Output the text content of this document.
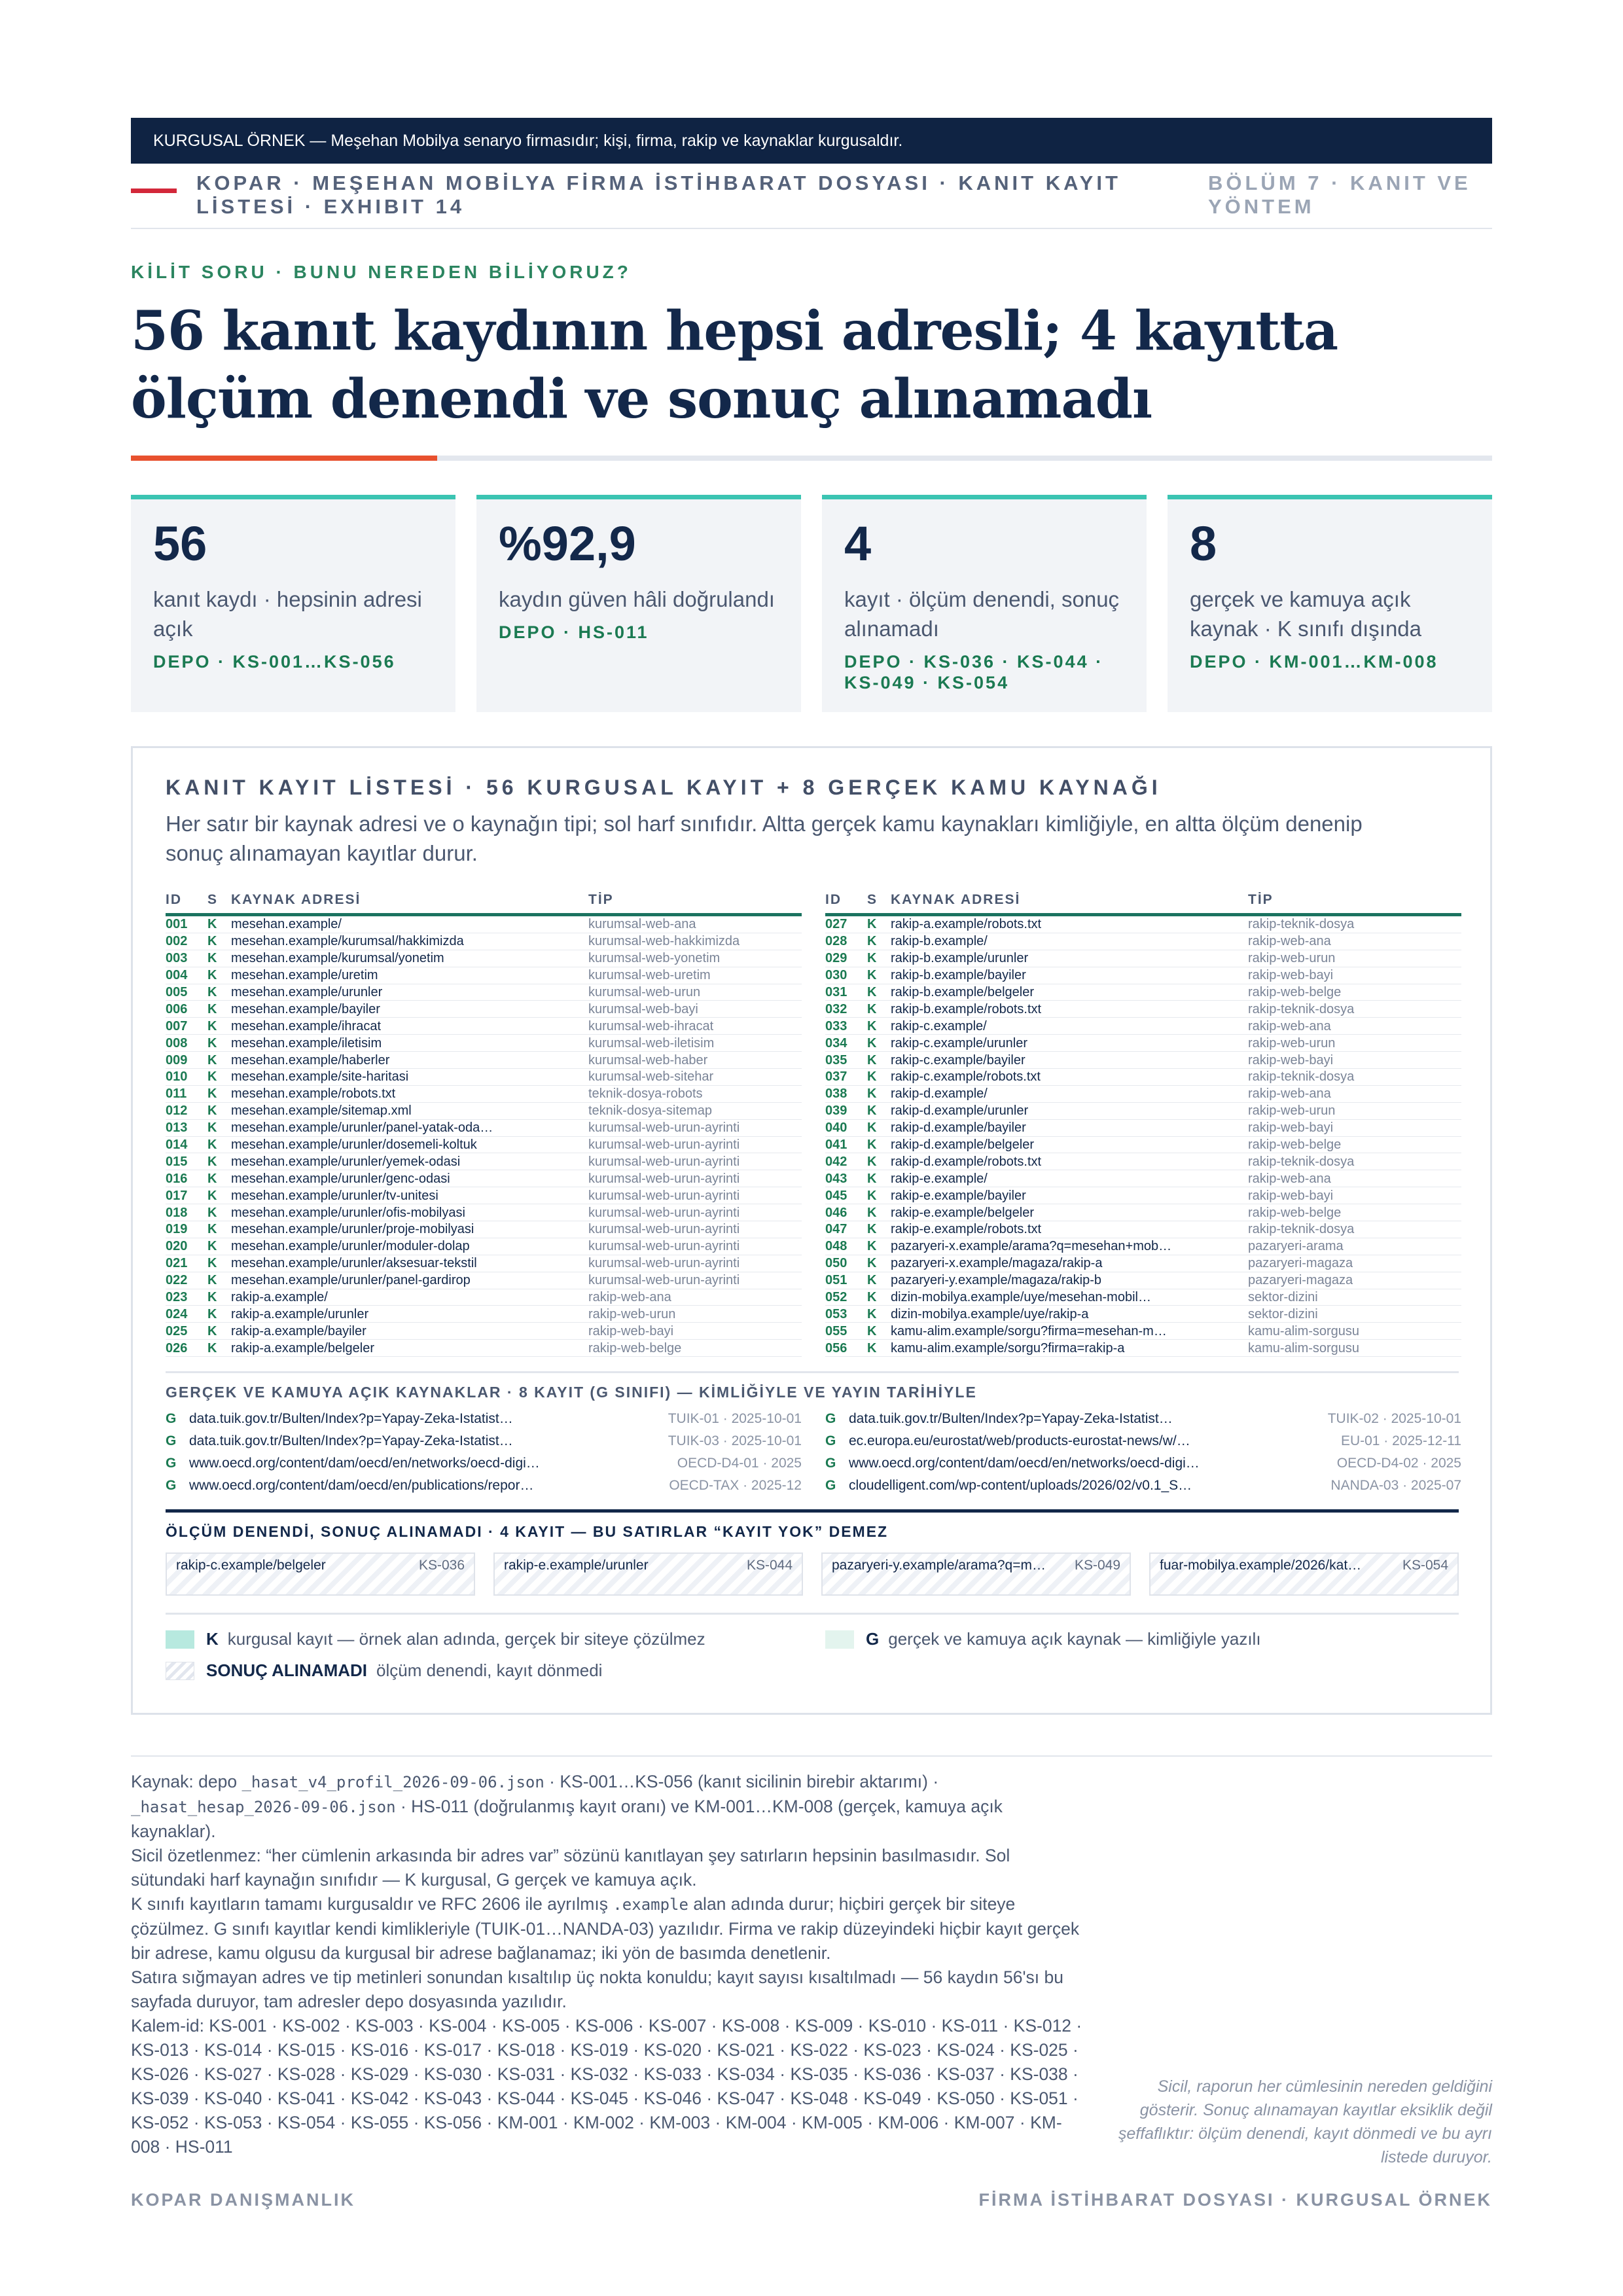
KURGUSAL ÖRNEK — Meşehan Mobilya senaryo firmasıdır; kişi, firma, rakip ve kaynaklar kurgusaldır.
KOPAR · MEŞEHAN MOBİLYA FİRMA İSTİHBARAT DOSYASI · KANIT KAYIT LİSTESİ · EXHIBIT 14
BÖLÜM 7 · KANIT VE YÖNTEM
KİLİT SORU · BUNU NEREDEN BİLİYORUZ?
56 kanıt kaydının hepsi adresli; 4 kayıtta ölçüm denendi ve sonuç alınamadı
56
kanıt kaydı · hepsinin adresi açık
DEPO · KS-001…KS-056
%92,9
kaydın güven hâli doğrulandı
DEPO · HS-011
4
kayıt · ölçüm denendi, sonuç alınamadı
DEPO · KS-036 · KS-044 · KS-049 · KS-054
8
gerçek ve kamuya açık kaynak · K sınıfı dışında
DEPO · KM-001…KM-008
KANIT KAYIT LİSTESİ · 56 KURGUSAL KAYIT + 8 GERÇEK KAMU KAYNAĞI
Her satır bir kaynak adresi ve o kaynağın tipi; sol harf sınıfıdır. Altta gerçek kamu kaynakları kimliğiyle, en altta ölçüm denenip sonuç alınamayan kayıtlar durur.
ID	S KAYNAK ADRESİ	TİP
001	K	mesehan.example/	kurumsal-web-ana
002	K	mesehan.example/kurumsal/hakkimizda	kurumsal-web-hakkimizda
003	K	mesehan.example/kurumsal/yonetim	kurumsal-web-yonetim
004	K	mesehan.example/uretim	kurumsal-web-uretim
005	K	mesehan.example/urunler	kurumsal-web-urun
006	K	mesehan.example/bayiler	kurumsal-web-bayi
007	K	mesehan.example/ihracat	kurumsal-web-ihracat
008	K	mesehan.example/iletisim	kurumsal-web-iletisim
009	K	mesehan.example/haberler	kurumsal-web-haber
010	K	mesehan.example/site-haritasi	kurumsal-web-sitehar
011	K	mesehan.example/robots.txt	teknik-dosya-robots
012	K	mesehan.example/sitemap.xml	teknik-dosya-sitemap
013	K	mesehan.example/urunler/panel-yatak-oda…	kurumsal-web-urun-ayrinti
014	K	mesehan.example/urunler/dosemeli-koltuk	kurumsal-web-urun-ayrinti
015	K	mesehan.example/urunler/yemek-odasi	kurumsal-web-urun-ayrinti
016	K	mesehan.example/urunler/genc-odasi	kurumsal-web-urun-ayrinti
017	K	mesehan.example/urunler/tv-unitesi	kurumsal-web-urun-ayrinti
018	K	mesehan.example/urunler/ofis-mobilyasi	kurumsal-web-urun-ayrinti
019	K	mesehan.example/urunler/proje-mobilyasi	kurumsal-web-urun-ayrinti
020	K	mesehan.example/urunler/moduler-dolap	kurumsal-web-urun-ayrinti
021	K	mesehan.example/urunler/aksesuar-tekstil	kurumsal-web-urun-ayrinti
022	K	mesehan.example/urunler/panel-gardirop	kurumsal-web-urun-ayrinti
023	K	rakip-a.example/	rakip-web-ana
024	K	rakip-a.example/urunler	rakip-web-urun
025	K	rakip-a.example/bayiler	rakip-web-bayi
026	K	rakip-a.example/belgeler	rakip-web-belge
ID	S KAYNAK ADRESİ	TİP
027	K	rakip-a.example/robots.txt	rakip-teknik-dosya
028	K	rakip-b.example/	rakip-web-ana
029	K	rakip-b.example/urunler	rakip-web-urun
030	K	rakip-b.example/bayiler	rakip-web-bayi
031	K	rakip-b.example/belgeler	rakip-web-belge
032	K	rakip-b.example/robots.txt	rakip-teknik-dosya
033	K	rakip-c.example/	rakip-web-ana
034	K	rakip-c.example/urunler	rakip-web-urun
035	K	rakip-c.example/bayiler	rakip-web-bayi
037	K	rakip-c.example/robots.txt	rakip-teknik-dosya
038	K	rakip-d.example/	rakip-web-ana
039	K	rakip-d.example/urunler	rakip-web-urun
040	K	rakip-d.example/bayiler	rakip-web-bayi
041	K	rakip-d.example/belgeler	rakip-web-belge
042	K	rakip-d.example/robots.txt	rakip-teknik-dosya
043	K	rakip-e.example/	rakip-web-ana
045	K	rakip-e.example/bayiler	rakip-web-bayi
046	K	rakip-e.example/belgeler	rakip-web-belge
047	K	rakip-e.example/robots.txt	rakip-teknik-dosya
048	K	pazaryeri-x.example/arama?q=mesehan+mob…	pazaryeri-arama
050	K	pazaryeri-x.example/magaza/rakip-a	pazaryeri-magaza
051	K	pazaryeri-y.example/magaza/rakip-b	pazaryeri-magaza
052	K	dizin-mobilya.example/uye/mesehan-mobil…	sektor-dizini
053	K	dizin-mobilya.example/uye/rakip-a	sektor-dizini
055	K	kamu-alim.example/sorgu?firma=mesehan-m…	kamu-alim-sorgusu
056	K	kamu-alim.example/sorgu?firma=rakip-a	kamu-alim-sorgusu
GERÇEK VE KAMUYA AÇIK KAYNAKLAR · 8 KAYIT (G SINIFI) — KİMLİĞİYLE VE YAYIN TARİHİYLE
G data.tuik.gov.tr/Bulten/Index?p=Yapay-Zeka-Istatist…	TUIK-01 · 2025-10-01 G data.tuik.gov.tr/Bulten/Index?p=Yapay-Zeka-Istatist…	TUIK-02 · 2025-10-01
G data.tuik.gov.tr/Bulten/Index?p=Yapay-Zeka-Istatist…	TUIK-03 · 2025-10-01 G ec.europa.eu/eurostat/web/products-eurostat-news/w/…	EU-01 · 2025-12-11
G www.oecd.org/content/dam/oecd/en/networks/oecd-digi…	OECD-D4-01 · 2025 G www.oecd.org/content/dam/oecd/en/networks/oecd-digi…	OECD-D4-02 · 2025
G www.oecd.org/content/dam/oecd/en/publications/repor…	OECD-TAX · 2025-12 G cloudelligent.com/wp-content/uploads/2026/02/v0.1_S…	NANDA-03 · 2025-07
ÖLÇÜM DENENDİ, SONUÇ ALINAMADI · 4 KAYIT — BU SATIRLAR “KAYIT YOK” DEMEZ
rakip-c.example/belgeler	KS-036	rakip-e.example/urunler	KS-044	pazaryeri-y.example/arama?q=m… KS-049	fuar-mobilya.example/2026/kat…	KS-054
K kurgusal kayıt — örnek alan adında, gerçek bir siteye çözülmez	G gerçek ve kamuya açık kaynak — kimliğiyle yazılı
SONUÇ ALINAMADI ölçüm denendi, kayıt dönmedi

Kaynak: depo _hasat_v4_profil_2026-09-06.json · KS-001…KS-056 (kanıt sicilinin birebir aktarımı) · _hasat_hesap_2026-09-06.json · HS-011 (doğrulanmış kayıt oranı) ve KM-001…KM-008 (gerçek, kamuya açık kaynaklar).

Sicil özetlenmez: “her cümlenin arkasında bir adres var” sözünü kanıtlayan şey satırların hepsinin basılmasıdır. Sol sütundaki harf kaynağın sınıfıdır — K kurgusal, G gerçek ve kamuya açık.

K sınıfı kayıtların tamamı kurgusaldır ve RFC 2606 ile ayrılmış .example alan adında durur; hiçbiri gerçek bir siteye çözülmez. G sınıfı kayıtlar kendi kimlikleriyle (TUIK-01…NANDA-03) yazılıdır. Firma ve rakip düzeyindeki hiçbir kayıt gerçek bir adrese, kamu olgusu da kurgusal bir adrese bağlanamaz; iki yön de basımda denetlenir.

Satıra sığmayan adres ve tip metinleri sonundan kısaltılıp üç nokta konuldu; kayıt sayısı kısaltılmadı — 56 kaydın 56'sı bu sayfada duruyor, tam adresler depo dosyasında yazılıdır.

Kalem-id: KS-001 · KS-002 · KS-003 · KS-004 · KS-005 · KS-006 · KS-007 · KS-008 · KS-009 · KS-010 · KS-011 · KS-012 · KS-013 · KS-014 · KS-015 · KS-016 · KS-017 · KS-018 · KS-019 · KS-020 · KS-021 · KS-022 · KS-023 · KS-024 · KS-025 · KS-026 · KS-027 · KS-028 · KS-029 · KS-030 · KS-031 · KS-032 · KS-033 · KS-034 · KS-035 · KS-036 · KS-037 · KS-038 · KS-039 · KS-040 · KS-041 · KS-042 · KS-043 · KS-044 · KS-045 · KS-046 · KS-047 · KS-048 · KS-049 · KS-050 · KS-051 · KS-052 · KS-053 · KS-054 · KS-055 · KS-056 · KM-001 · KM-002 · KM-003 · KM-004 · KM-005 · KM-006 · KM-007 · KM-008 · HS-011

Sicil, raporun her cümlesinin nereden geldiğini gösterir. Sonuç alınamayan kayıtlar eksiklik değil şeffaflıktır: ölçüm denendi, kayıt dönmedi ve bu ayrı listede duruyor.
KOPAR DANIŞMANLIK	FİRMA İSTİHBARAT DOSYASI · KURGUSAL ÖRNEK
